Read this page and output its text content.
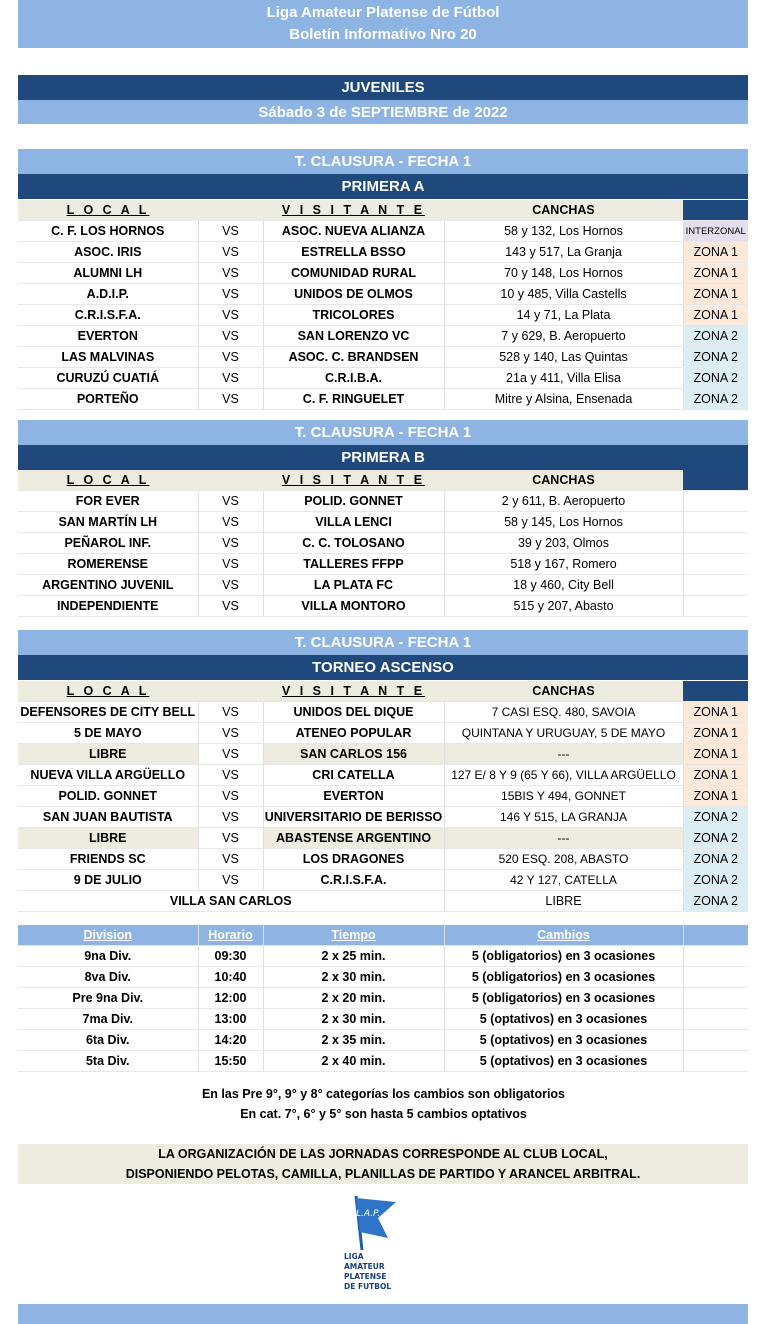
Liga Amateur Platense de Fútbol
Boletín Informativo Nro 20
JUVENILES
Sábado 3 de SEPTIEMBRE de 2022
T. CLAUSURA - FECHA 1
PRIMERA A
L O C A L		V I S I T A N T E	CANCHAS	
C. F. LOS HORNOS	VS	ASOC. NUEVA ALIANZA	58 y 132, Los Hornos	INTERZONAL
ASOC. IRIS	VS	ESTRELLA BSSO	143 y 517, La Granja	ZONA 1
ALUMNI LH	VS	COMUNIDAD RURAL	70 y 148, Los Hornos	ZONA 1
A.D.I.P.	VS	UNIDOS DE OLMOS	10 y 485, Villa Castells	ZONA 1
C.R.I.S.F.A.	VS	TRICOLORES	14 y 71, La Plata	ZONA 1
EVERTON	VS	SAN LORENZO VC	7 y 629, B. Aeropuerto	ZONA 2
LAS MALVINAS	VS	ASOC. C. BRANDSEN	528 y 140, Las Quintas	ZONA 2
CURUZÚ CUATIÁ	VS	C.R.I.B.A.	21a y 411, Villa Elisa	ZONA 2
PORTEÑO	VS	C. F. RINGUELET	Mitre y Alsina, Ensenada	ZONA 2
T. CLAUSURA - FECHA 1
PRIMERA B
L O C A L		V I S I T A N T E	CANCHAS	
FOR EVER	VS	POLID. GONNET	2 y 611, B. Aeropuerto	
SAN MARTÍN LH	VS	VILLA LENCI	58 y 145, Los Hornos	
PEÑAROL INF.	VS	C. C. TOLOSANO	39 y 203, Olmos	
ROMERENSE	VS	TALLERES FFPP	518 y 167, Romero	
ARGENTINO JUVENIL	VS	LA PLATA FC	18 y 460, City Bell	
INDEPENDIENTE	VS	VILLA MONTORO	515 y 207, Abasto	
T. CLAUSURA - FECHA 1
TORNEO ASCENSO
L O C A L		V I S I T A N T E	CANCHAS	
DEFENSORES DE CITY BELL	VS	UNIDOS DEL DIQUE	7 CASI ESQ. 480, SAVOIA	ZONA 1
5 DE MAYO	VS	ATENEO POPULAR	QUINTANA Y URUGUAY, 5 DE MAYO	ZONA 1
LIBRE	VS	SAN CARLOS 156	---	ZONA 1
NUEVA VILLA ARGÜELLO	VS	CRI CATELLA	127 E/ 8 Y 9 (65 Y 66), VILLA ARGÜELLO	ZONA 1
POLID. GONNET	VS	EVERTON	15BIS Y 494, GONNET	ZONA 1
SAN JUAN BAUTISTA	VS	UNIVERSITARIO DE BERISSO	146 Y 515, LA GRANJA	ZONA 2
LIBRE	VS	ABASTENSE ARGENTINO	---	ZONA 2
FRIENDS SC	VS	LOS DRAGONES	520 ESQ. 208, ABASTO	ZONA 2
9 DE JULIO	VS	C.R.I.S.F.A.	42 Y 127, CATELLA	ZONA 2
VILLA SAN CARLOS			LIBRE	ZONA 2
Division	Horario	Tiempo	Cambios	
9na Div.	09:30	2 x 25 min.	5 (obligatorios) en 3 ocasiones	
8va Div.	10:40	2 x 30 min.	5 (obligatorios) en 3 ocasiones	
Pre 9na Div.	12:00	2 x 20 min.	5 (obligatorios) en 3 ocasiones	
7ma Div.	13:00	2 x 30 min.	5 (optativos) en 3 ocasiones	
6ta Div.	14:20	2 x 35 min.	5 (optativos) en 3 ocasiones	
5ta Div.	15:50	2 x 40 min.	5 (optativos) en 3 ocasiones	
En las Pre 9°, 9° y 8° categorías los cambios son obligatorios
En cat. 7°, 6° y 5° son hasta 5 cambios optativos
LA ORGANIZACIÓN DE LAS JORNADAS CORRESPONDE AL CLUB LOCAL,
DISPONIENDO PELOTAS, CAMILLA, PLANILLAS DE PARTIDO Y ARANCEL ARBITRAL.
L.A.P.
LIGA
AMATEUR
PLATENSE
DE FUTBOL
